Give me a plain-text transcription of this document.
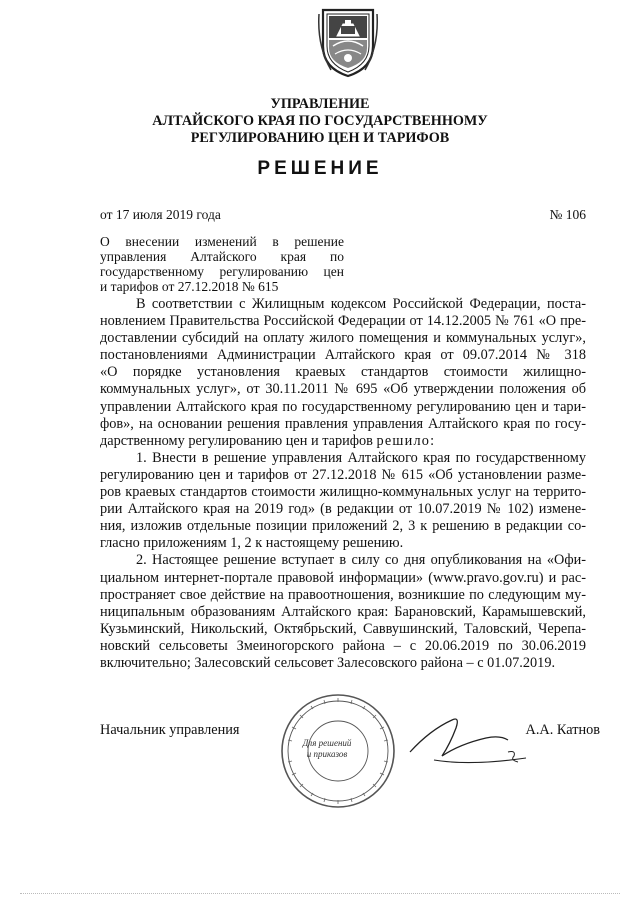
УПРАВЛЕНИЕ
АЛТАЙСКОГО КРАЯ ПО ГОСУДАРСТВЕННОМУ
РЕГУЛИРОВАНИЮ ЦЕН И ТАРИФОВ
РЕШЕНИЕ
от 17 июля 2019 года	№ 106
О внесении изменений в решение
управления Алтайского края по
государственному регулированию цен
и тарифов от 27.12.2018 № 615
В соответствии с Жилищным кодексом Российской Федерации, поста-
новлением Правительства Российской Федерации от 14.12.2005 № 761 «О пре-
доставлении субсидий на оплату жилого помещения и коммунальных услуг»,
постановлениями Администрации Алтайского края от 09.07.2014 № 318
«О порядке установления краевых стандартов стоимости жилищно-
коммунальных услуг», от 30.11.2011 № 695 «Об утверждении положения об
управлении Алтайского края по государственному регулированию цен и тари-
фов», на основании решения правления управления Алтайского края по госу-
дарственному регулированию цен и тарифов решило:
1. Внести в решение управления Алтайского края по государственному
регулированию цен и тарифов от 27.12.2018 № 615 «Об установлении разме-
ров краевых стандартов стоимости жилищно-коммунальных услуг на террито-
рии Алтайского края на 2019 год» (в редакции от 10.07.2019 № 102) измене-
ния, изложив отдельные позиции приложений 2, 3 к решению в редакции со-
гласно приложениям 1, 2 к настоящему решению.
2. Настоящее решение вступает в силу со дня опубликования на «Офи-
циальном интернет-портале правовой информации» (www.pravo.gov.ru) и рас-
пространяет свое действие на правоотношения, возникшие по следующим му-
ниципальным образованиям Алтайского края: Барановский, Карамышевский,
Кузьминский, Никольский, Октябрьский, Саввушинский, Таловский, Черепа-
новский сельсоветы Змеиногорского района – с 20.06.2019 по 30.06.2019
включительно; Залесовский сельсовет Залесовского района – с 01.07.2019.
Начальник управления
Для решений
и приказов
А.А. Катнов
